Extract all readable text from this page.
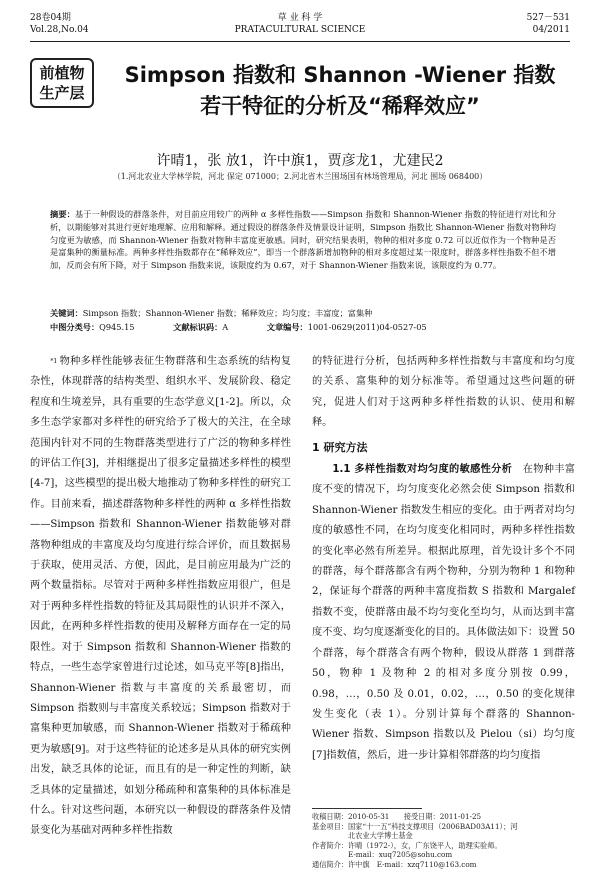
28卷04期
Vol.28,No.04
草 业 科 学
PRATACULTURAL SCIENCE
527－531
04/2011
前植物
生产层
Simpson 指数和 Shannon -Wiener 指数
若干特征的分析及“稀释效应”
许晴1，张 放1，许中旗1，贾彦龙1，尤建民2
（1.河北农业大学林学院，河北 保定 071000；2.河北省木兰围场国有林场管理局，河北 围场 068400）
摘要：基于一种假设的群落条件，对目前应用较广的两种 α 多样性指数——Simpson 指数和 Shannon-Wiener 指数的特征进行对比和分析，以期能够对其进行更好地理解、应用和解释。通过假设的群落条件及情景设计证明，Simpson 指数比 Shannon-Wiener 指数对物种均匀度更为敏感，而 Shannon-Wiener 指数对物种丰富度更敏感。同时，研究结果表明，物种的相对多度 0.72 可以近似作为一个物种是否是富集种的衡量标准。两种多样性指数都存在“稀释效应”，即当一个群落新增加物种的相对多度超过某一限度时，群落多样性指数不但不增加，反而会有所下降，对于 Simpson 指数来说，该限度约为 0.67，对于 Shannon-Wiener 指数来说，该限度约为 0.77。
关键词：Simpson 指数；Shannon-Wiener 指数；稀释效应；均匀度；丰富度；富集种
中图分类号：Q945.15	文献标识码：A	文章编号：1001-0629(2011)04-0527-05

$^{*1}$ 物种多样性能够表征生物群落和生态系统的结构复杂性，体现群落的结构类型、组织水平、发展阶段、稳定程度和生境差异，具有重要的生态学意义[1-2]。所以，众多生态学家都对多样性的研究给予了极大的关注，在全球范围内针对不同的生物群落类型进行了广泛的物种多样性的评估工作[3]，并相继提出了很多定量描述多样性的模型[4-7]，这些模型的提出极大地推动了物种多样性的研究工作。目前来看，描述群落物种多样性的两种 α 多样性指数——Simpson 指数和 Shannon-Wiener 指数能够对群落物种组成的丰富度及均匀度进行综合评价，而且数据易于获取，使用灵活、方便，因此，是目前应用最为广泛的两个数量指标。尽管对于两种多样性指数应用很广，但是对于两种多样性指数的特征及其局限性的认识并不深入，因此，在两种多样性指数的使用及解释方面存在一定的局限性。对于 Simpson 指数和 Shannon-Wiener 指数的特点，一些生态学家曾进行过论述，如马克平等[8]指出，Shannon-Wiener 指数与丰富度的关系最密切，而 Simpson 指数则与丰富度关系较远；Simpson 指数对于富集种更加敏感，而 Shannon-Wiener 指数对于稀疏种更为敏感[9]。对于这些特征的论述多是从具体的研究实例出发，缺乏具体的论证，而且有的是一种定性的判断，缺乏具体的定量描述，如划分稀疏种和富集种的具体标准是什么。针对这些问题，本研究以一种假设的群落条件及情景变化为基础对两种多样性指数

的特征进行分析，包括两种多样性指数与丰富度和均匀度的关系、富集种的划分标准等。希望通过这些问题的研究，促进人们对于这两种多样性指数的认识、使用和解释。

1 研究方法

1.1 多样性指数对均匀度的敏感性分析　 在物种丰富度不变的情况下，均匀度变化必然会使 Simpson 指数和 Shannon-Wiener 指数发生相应的变化。由于两者对均匀度的敏感性不同，在均匀度变化相同时，两种多样性指数的变化率必然有所差异。根据此原理，首先设计多个不同的群落，每个群落都含有两个物种，分别为物种 1 和物种 2，保证每个群落的两种丰富度指数 S 指数和 Margalef 指数不变，使群落由最不均匀变化至均匀，从而达到丰富度不变、均匀度逐渐变化的目的。具体做法如下：设置 50 个群落，每个群落含有两个物种，假设从群落 1 到群落 50，物种 1 及物种 2 的相对多度分别按 0.99，0.98，…，0.50 及 0.01，0.02，…，0.50 的变化规律发生变化（表 1）。分别计算每个群落的 Shannon-Wiener 指数、Simpson 指数以及 Pielou（si）均匀度[7]指数值，然后，进一步计算相邻群落的均匀度指

收稿日期：2010-05-31　　接受日期：2011-01-25
基金项目：国家“十一五”科技支撑项目（2006BAD03A11）；河
北农业大学博士基金
作者简介：许晴（1972-），女，广东饶平人，助理实验师。
E-mail：xuq7205@sohu.com
通信简介：许中旗　E-mail：xzq7110@163.com
